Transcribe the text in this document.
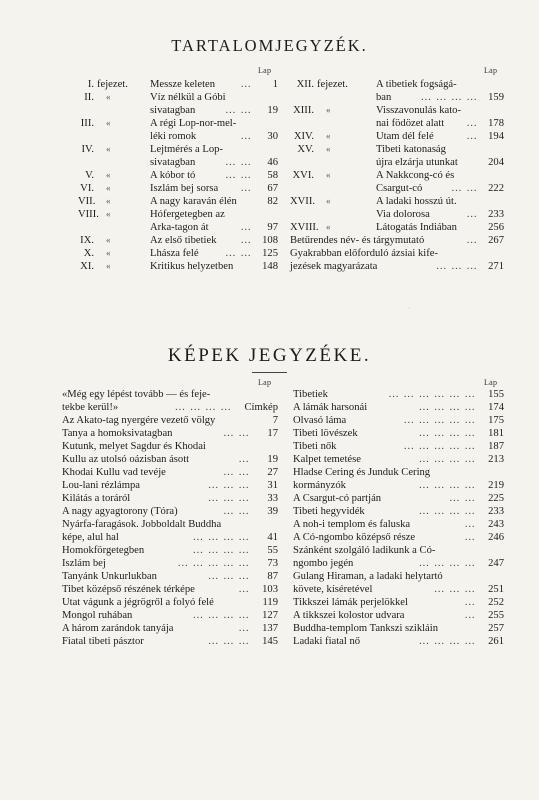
TARTALOMJEGYZÉK.
Lap	Lap
I. fejezet. Messze keleten …	1
II. «	Víz nélkül a Góbi
sivatagban	… …	19
III. «	A régi Lop-nor-mel-
léki romok	…	30
IV. «	Lejtmérés a Lop-
sivatagban	… …	46
V. «	A kóbor tó	… …	58
VI. «	Iszlám bej sorsa …	67
VII. «	A nagy karaván élén	82
VIII. «	Hófergetegben az
Arka-tagon át	…	97
IX. «	Az első tibetiek … 108
X. «	Lhásza felé	… … 125
XI. «	Kritikus helyzetben	148
XII. fejezet.	A tibetiek fogságá-
ban	… … … … 159
XIII. «	Visszavonulás kato-
nai födözet alatt … 178
XIV. «	Utam dél felé	… 194
XV. «	Tibeti katonaság
újra elzárja utunkat	204
XVI. «	A Nakkcong-có és
Csargut-có	… … 222
XVII. «	A ladaki hosszú út.
Via dolorosa	… 233
XVIII. «	Látogatás Indiában	256
Betűrendes név- és tárgymutató	… 267
Gyakrabban előforduló ázsiai kife-
jezések magyarázata	… … … 271
·
KÉPEK JEGYZÉKE.
Lap	Lap
«Még egy lépést tovább — és feje-
tekbe kerül!»	… … … …	Címkép
Az Akato-tag nyergére vezető völgy	7
Tanya a homoksivatagban	… …	17
Kutunk, melyet Sagdur és Khodai
Kullu az utolsó oázisban ásott	…	19
Khodai Kullu vad tevéje	… …	27
Lou-lani rézlámpa	… … …	31
Kilátás a toráról	… … …	33
A nagy agyagtorony (Tóra)	… …	39
Nyárfa-faragások. Jobboldalt Buddha
képe, alul hal	… … … …	41
Homokförgetegben	… … … …	55
Iszlám bej	… … … … …	73
Tanyánk Unkurlukban	… … …	87
Tibet középső részének térképe	…	103
Utat vágunk a jégrögről a folyó felé	119
Mongol ruhában	… … … …	127
A három zarándok tanyája	…	137
Fiatal tibeti pásztor	… … …	145
Tibetiek	… … … … … …	155
A lámák harsonái	… … … …	174
Olvasó láma	… … … … …	175
Tibeti lövészek	… … … …	181
Tibeti nők	… … … … …	187
Kalpet temetése	… … … …	213
Hladse Cering és Junduk Cering
kormányzók	… … … …	219
A Csargut-có partján	… …	225
Tibeti hegyvidék	… … … …	233
A noh-i templom és faluska	…	243
A Có-ngombo középső része	…	246
Szánként szolgáló ladikunk a Có-
ngombo jegén	… … … …	247
Gulang Hiraman, a ladaki helytartó
követe, kíséretével	… … …	251
Tikkszei lámák perjelökkel	…	252
A tikkszei kolostor udvara	…	255
Buddha-templom Tankszi szikláin	257
Ladaki fiatal nő	… … … …	261
